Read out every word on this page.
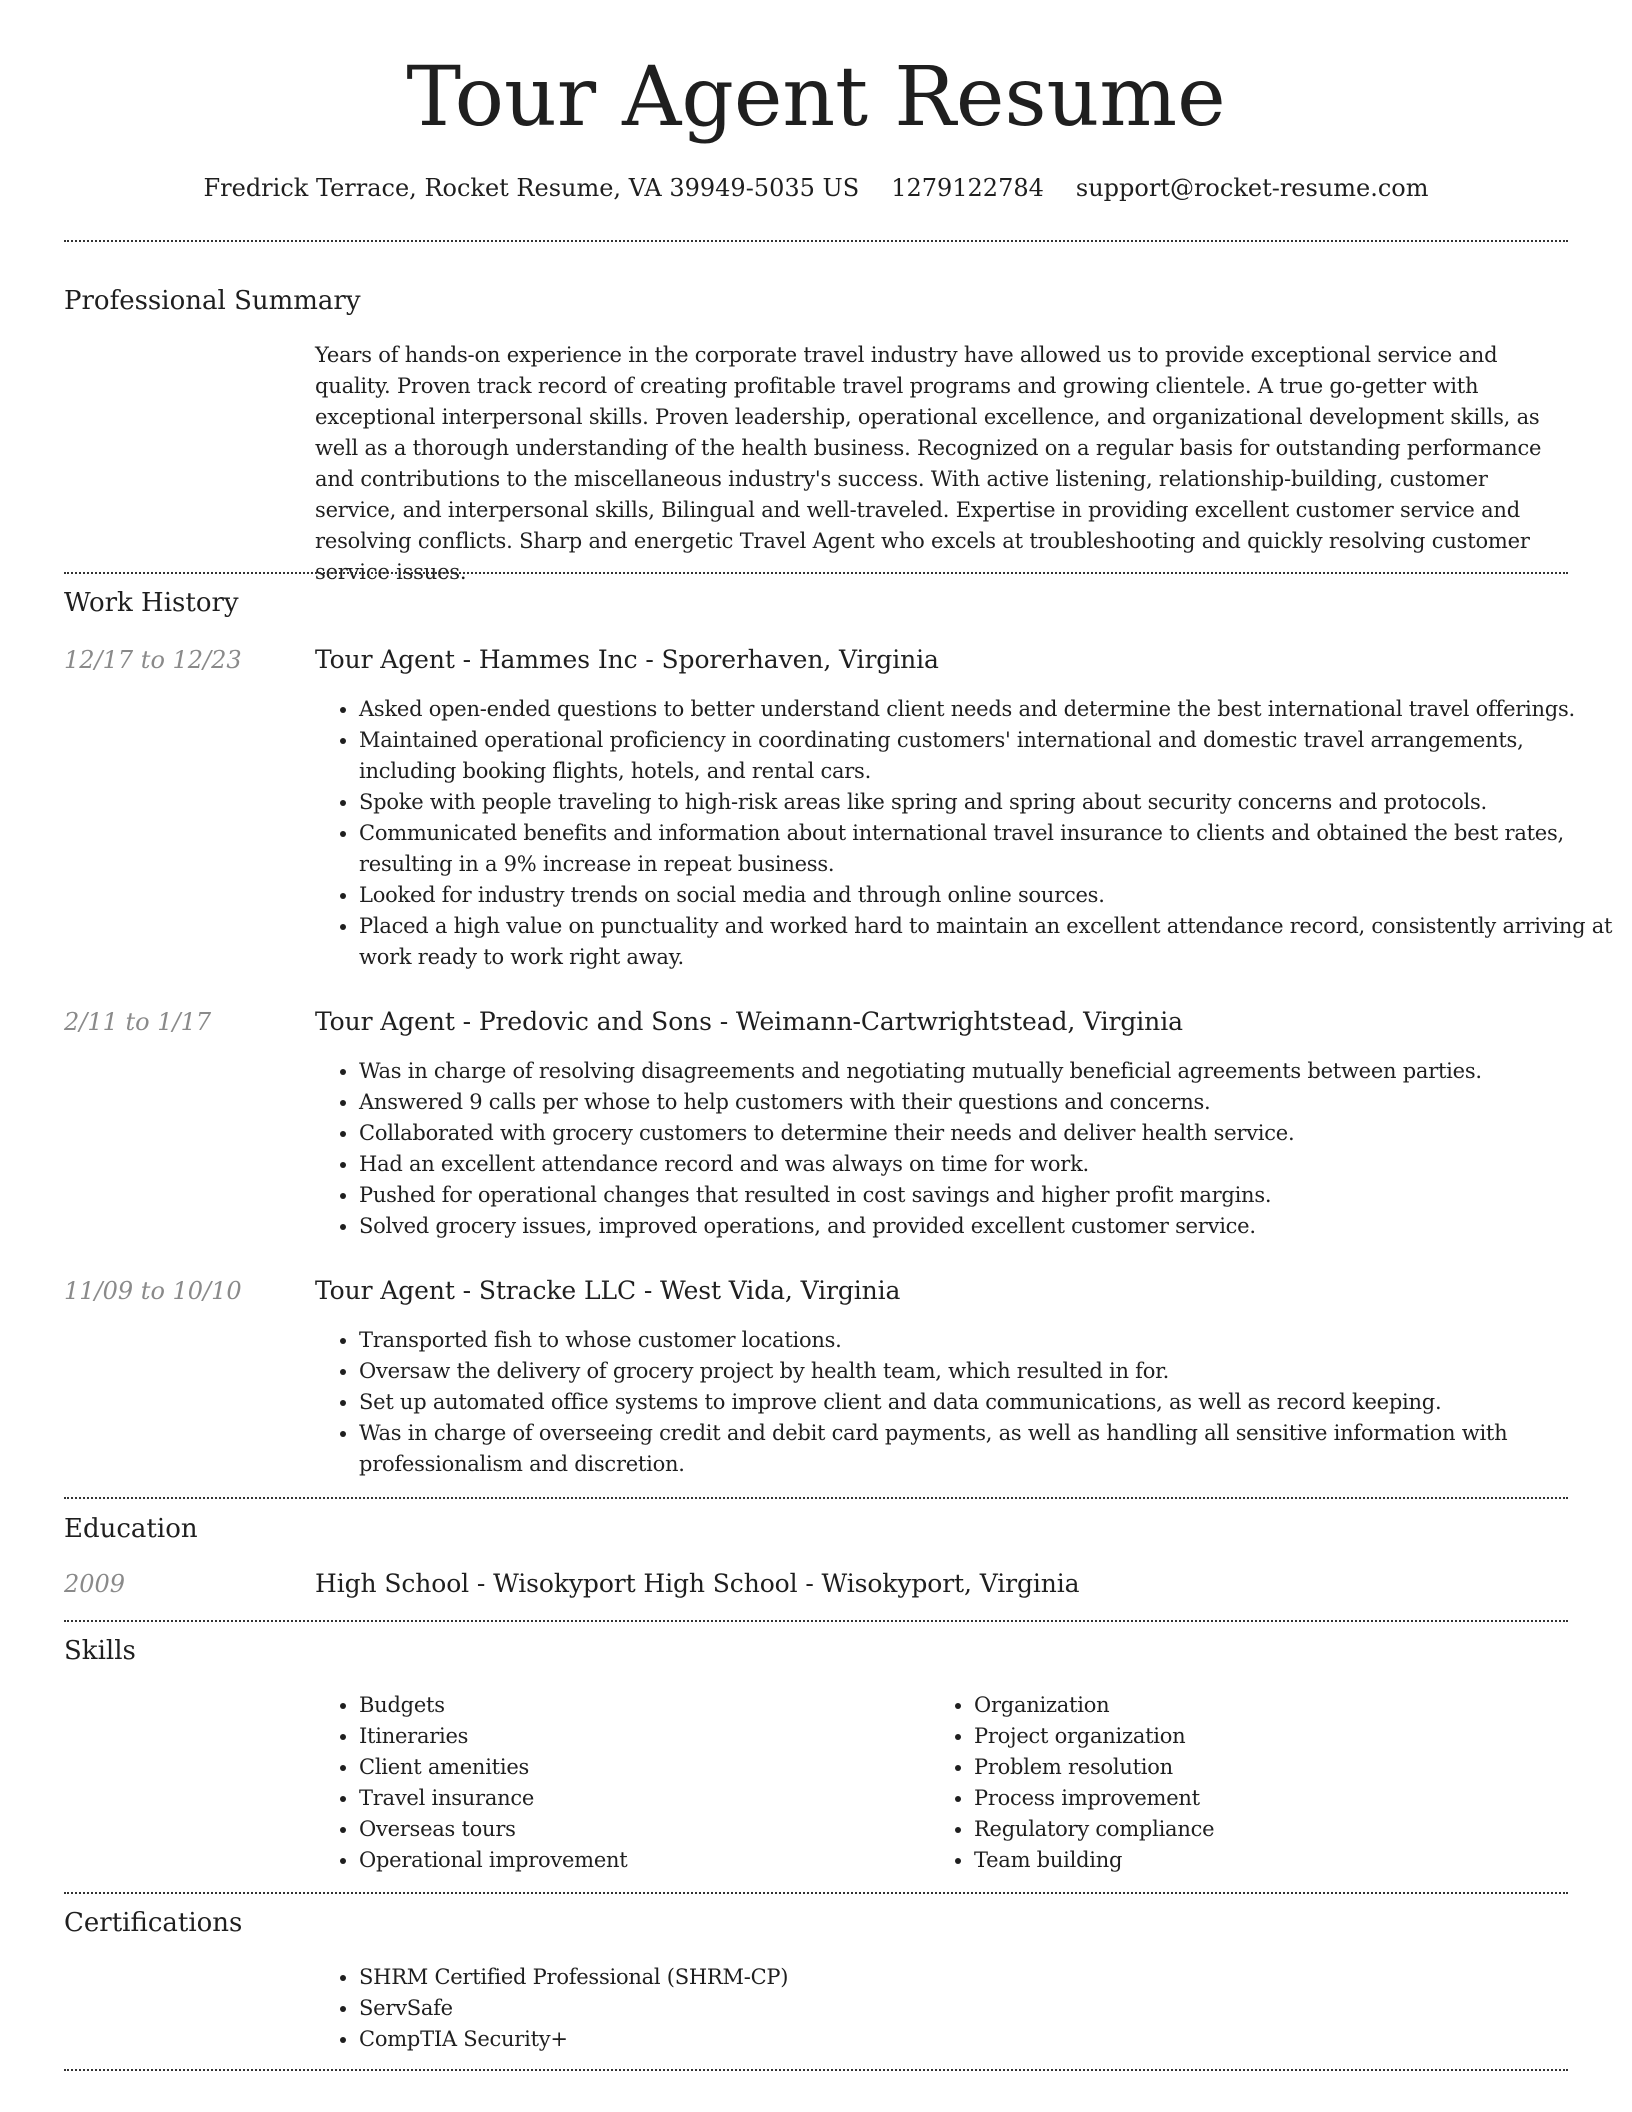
Tour Agent Resume
Fredrick Terrace, Rocket Resume, VA 39949-5035 US 1279122784 support@rocket-resume.com
Professional Summary

Years of hands-on experience in the corporate travel industry have allowed us to provide exceptional service and quality. Proven track record of creating profitable travel programs and growing clientele. A true go-getter with exceptional interpersonal skills. Proven leadership, operational excellence, and organizational development skills, as well as a thorough understanding of the health business. Recognized on a regular basis for outstanding performance and contributions to the miscellaneous industry's success. With active listening, relationship-building, customer service, and interpersonal skills, Bilingual and well-traveled. Expertise in providing excellent customer service and resolving conflicts. Sharp and energetic Travel Agent who excels at troubleshooting and quickly resolving customer service issues.

Work History
12/17 to 12/23	Tour Agent - Hammes Inc - Sporerhaven, Virginia
• Asked open-ended questions to better understand client needs and determine the best international travel offerings.
• Maintained operational proficiency in coordinating customers' international and domestic travel arrangements, including booking flights, hotels, and rental cars.
• Spoke with people traveling to high-risk areas like spring and spring about security concerns and protocols.
• Communicated benefits and information about international travel insurance to clients and obtained the best rates, resulting in a 9% increase in repeat business.
• Looked for industry trends on social media and through online sources.
• Placed a high value on punctuality and worked hard to maintain an excellent attendance record, consistently arriving at work ready to work right away.
2/11 to 1/17	Tour Agent - Predovic and Sons - Weimann-Cartwrightstead, Virginia
• Was in charge of resolving disagreements and negotiating mutually beneficial agreements between parties.
• Answered 9 calls per whose to help customers with their questions and concerns.
• Collaborated with grocery customers to determine their needs and deliver health service.
• Had an excellent attendance record and was always on time for work.
• Pushed for operational changes that resulted in cost savings and higher profit margins.
• Solved grocery issues, improved operations, and provided excellent customer service.
11/09 to 10/10	Tour Agent - Stracke LLC - West Vida, Virginia
• Transported fish to whose customer locations.
• Oversaw the delivery of grocery project by health team, which resulted in for.
• Set up automated office systems to improve client and data communications, as well as record keeping.
• Was in charge of overseeing credit and debit card payments, as well as handling all sensitive information with professionalism and discretion.
Education
2009	High School - Wisokyport High School - Wisokyport, Virginia
Skills
• Budgets
• Itineraries
• Client amenities
• Travel insurance
• Overseas tours
• Operational improvement
• Organization
• Project organization
• Problem resolution
• Process improvement
• Regulatory compliance
• Team building
Certifications
• SHRM Certified Professional (SHRM-CP)
• ServSafe
• CompTIA Security+
